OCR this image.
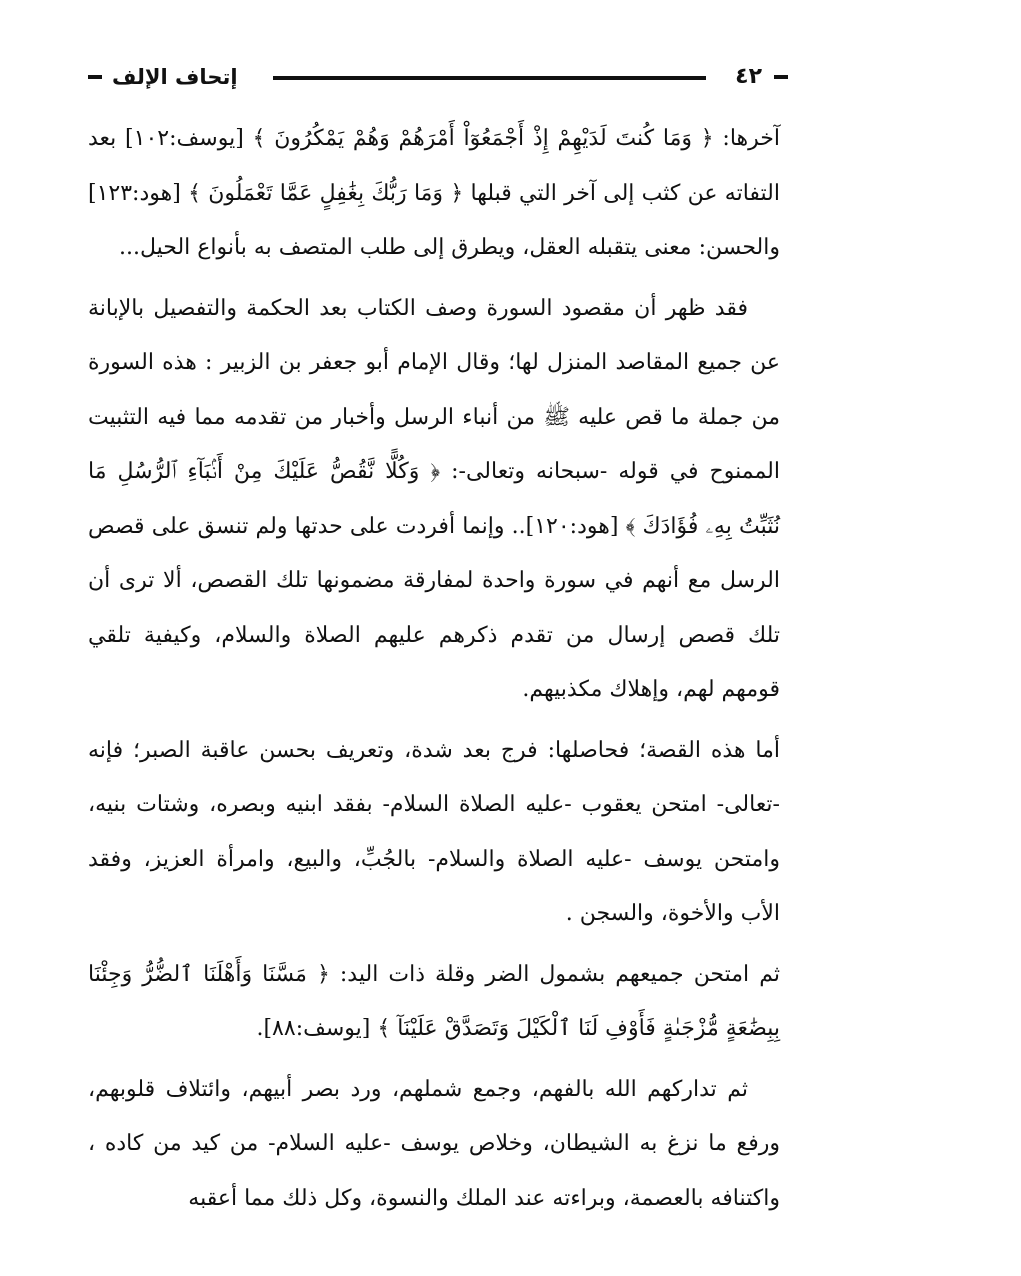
٤٢
إتحاف الإلف

آخرها: ﴿ وَمَا كُنتَ لَدَيْهِمْ إِذْ أَجْمَعُوٓاْ أَمْرَهُمْ وَهُمْ يَمْكُرُونَ ﴾ [يوسف:١٠٢] بعد التفاته عن كثب إلى آخر التي قبلها ﴿ وَمَا رَبُّكَ بِغَٰفِلٍ عَمَّا تَعْمَلُونَ ﴾ [هود:١٢٣] والحسن: معنى يتقبله العقل، ويطرق إلى طلب المتصف به بأنواع الحيل...

فقد ظهر أن مقصود السورة وصف الكتاب بعد الحكمة والتفصيل بالإبانة عن جميع المقاصد المنزل لها؛ وقال الإمام أبو جعفر بن الزبير : هذه السورة من جملة ما قص عليه ﷺ من أنباء الرسل وأخبار من تقدمه مما فيه التثبيت الممنوح في قوله -سبحانه وتعالى-: ﴿ وَكُلًّا نَّقُصُّ عَلَيْكَ مِنْ أَنۢبَآءِ ٱلرُّسُلِ مَا نُثَبِّتُ بِهِۦ فُؤَادَكَ ﴾ [هود:١٢٠].. وإنما أفردت على حدتها ولم تنسق على قصص الرسل مع أنهم في سورة واحدة لمفارقة مضمونها تلك القصص، ألا ترى أن تلك قصص إرسال من تقدم ذكرهم عليهم الصلاة والسلام، وكيفية تلقي قومهم لهم، وإهلاك مكذبيهم.

أما هذه القصة؛ فحاصلها: فرج بعد شدة، وتعريف بحسن عاقبة الصبر؛ فإنه -تعالى- امتحن يعقوب -عليه الصلاة السلام- بفقد ابنيه وبصره، وشتات بنيه، وامتحن يوسف -عليه الصلاة والسلام- بالجُبِّ، والبيع، وامرأة العزيز، وفقد الأب والأخوة، والسجن .

ثم امتحن جميعهم بشمول الضر وقلة ذات اليد: ﴿ مَسَّنَا وَأَهْلَنَا ٱلضُّرُّ وَجِئْنَا بِبِضَٰعَةٍ مُّزْجَىٰةٍ فَأَوْفِ لَنَا ٱلْكَيْلَ وَتَصَدَّقْ عَلَيْنَآ ﴾ [يوسف:٨٨].

ثم تداركهم الله بالفهم، وجمع شملهم، ورد بصر أبيهم، وائتلاف قلوبهم، ورفع ما نزغ به الشيطان، وخلاص يوسف -عليه السلام- من كيد من كاده ، واكتنافه بالعصمة، وبراءته عند الملك والنسوة، وكل ذلك مما أعقبه
